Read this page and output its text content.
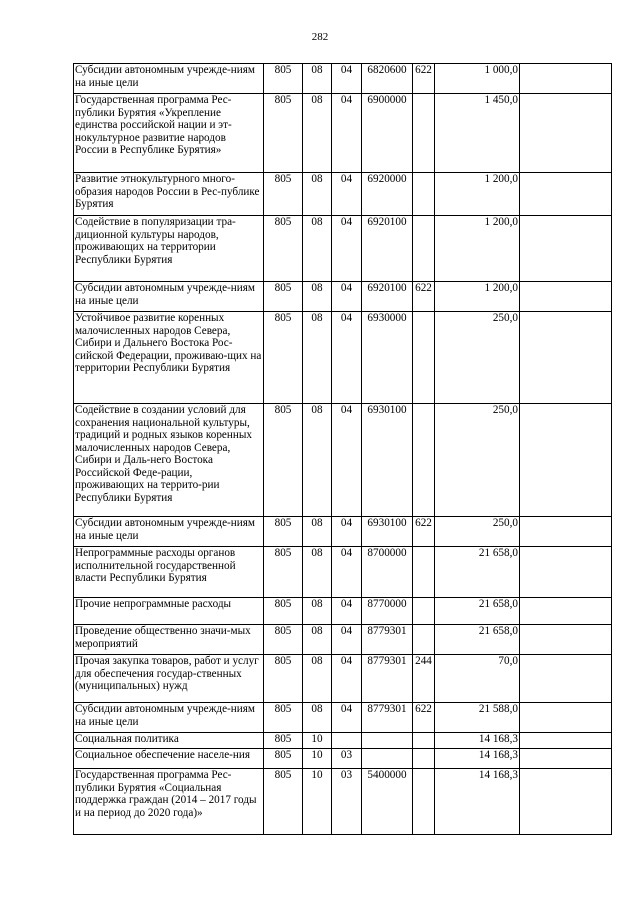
282
Субсидии автономным учрежде-ниям на иные цели	805	08	04	6820600	622	1 000,0	
Государственная программа Рес-публики Бурятия «Укрепление единства российской нации и эт-нокультурное развитие народов России в Республике Бурятия»	805	08	04	6900000		1 450,0	
Развитие этнокультурного много-образия народов России в Рес-публике Бурятия	805	08	04	6920000		1 200,0	
Содействие в популяризации тра-диционной культуры народов, проживающих на территории Республики Бурятия	805	08	04	6920100		1 200,0	
Субсидии автономным учрежде-ниям на иные цели	805	08	04	6920100	622	1 200,0	
Устойчивое развитие коренных малочисленных народов Севера, Сибири и Дальнего Востока Рос-сийской Федерации, проживаю-щих на территории Республики Бурятия	805	08	04	6930000		250,0	
Содействие в создании условий для сохранения национальной культуры, традиций и родных языков коренных малочисленных народов Севера, Сибири и Даль-него Востока Российской Феде-рации, проживающих на террито-рии Республики Бурятия	805	08	04	6930100		250,0	
Субсидии автономным учрежде-ниям на иные цели	805	08	04	6930100	622	250,0	
Непрограммные расходы органов исполнительной государственной власти Республики Бурятия	805	08	04	8700000		21 658,0	
Прочие непрограммные расходы	805	08	04	8770000		21 658,0	
Проведение общественно значи-мых мероприятий	805	08	04	8779301		21 658,0	
Прочая закупка товаров, работ и услуг для обеспечения государ-ственных (муниципальных) нужд	805	08	04	8779301	244	70,0	
Субсидии автономным учрежде-ниям на иные цели	805	08	04	8779301	622	21 588,0	
Социальная политика	805	10				14 168,3	
Социальное обеспечение населе-ния	805	10	03			14 168,3	
Государственная программа Рес-публики Бурятия «Социальная поддержка граждан (2014 – 2017 годы и на период до 2020 года)»	805	10	03	5400000		14 168,3	
